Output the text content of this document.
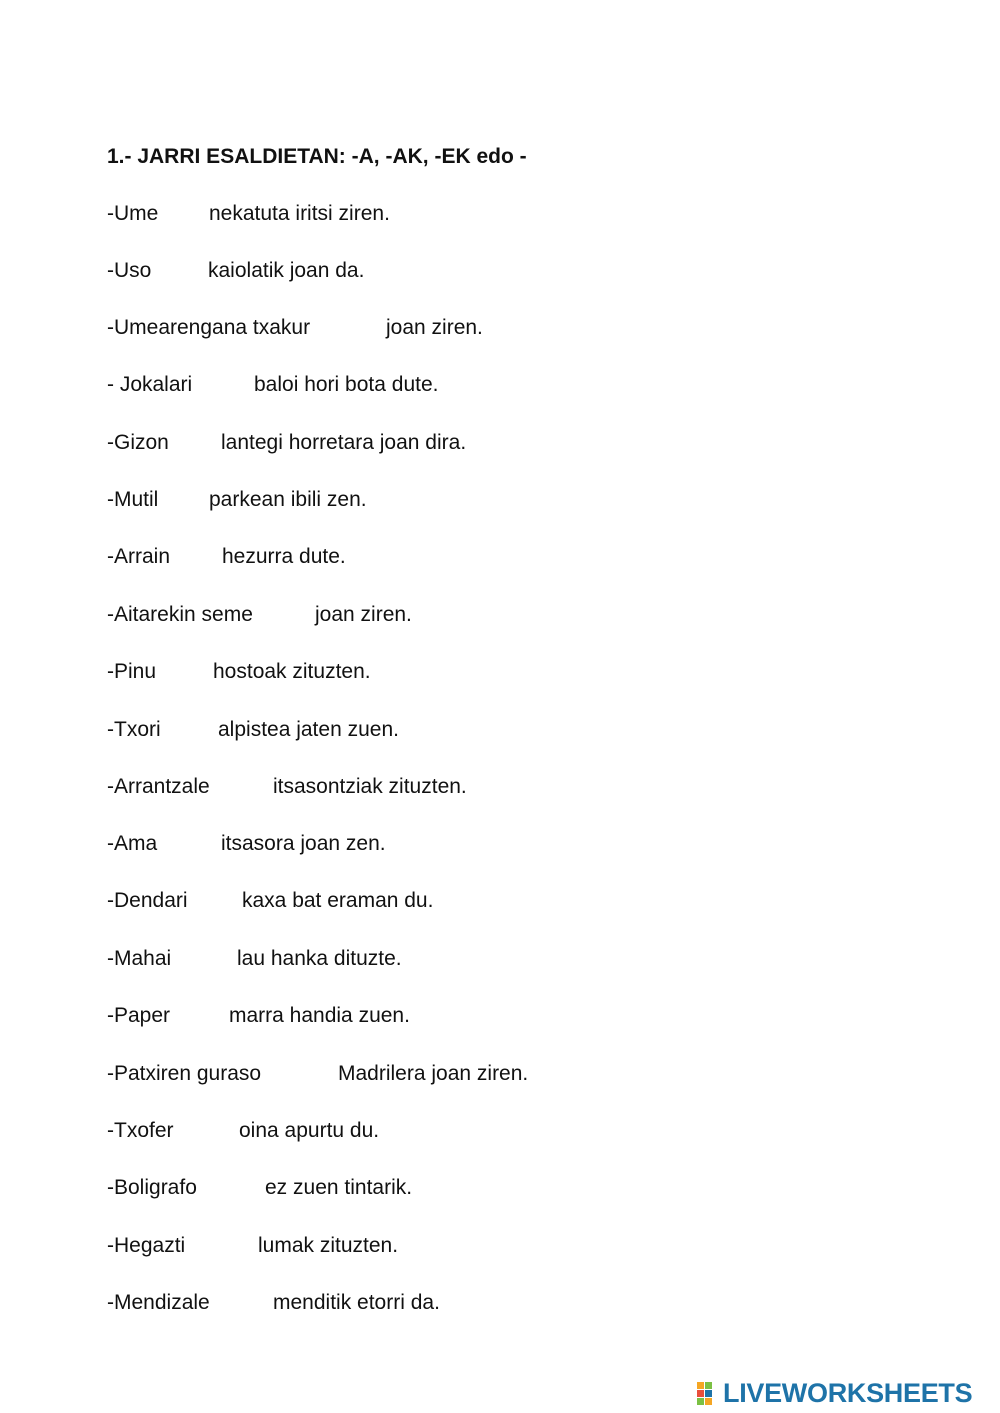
1.- JARRI ESALDIETAN: -A, -AK, -EK edo -
-Ume nekatuta iritsi ziren.
-Uso	kaiolatik joan da.
-Umearengana txakur	joan ziren.
- Jokalari	baloi hori bota dute.
-Gizon lantegi horretara joan dira.
-Mutil parkean ibili zen.
-Arrain hezurra dute.
-Aitarekin seme	joan ziren.
-Pinu	hostoak zituzten.
-Txori	alpistea jaten zuen.
-Arrantzale	itsasontziak zituzten.
-Ama	itsasora joan zen.
-Dendari	kaxa bat eraman du.
-Mahai	lau hanka dituzte.
-Paper	marra handia zuen.
-Patxiren guraso	Madrilera joan ziren.
-Txofer	oina apurtu du.
-Boligrafo	ez zuen tintarik.
-Hegazti	lumak zituzten.
-Mendizale	menditik etorri da.
LIVEWORKSHEETS
